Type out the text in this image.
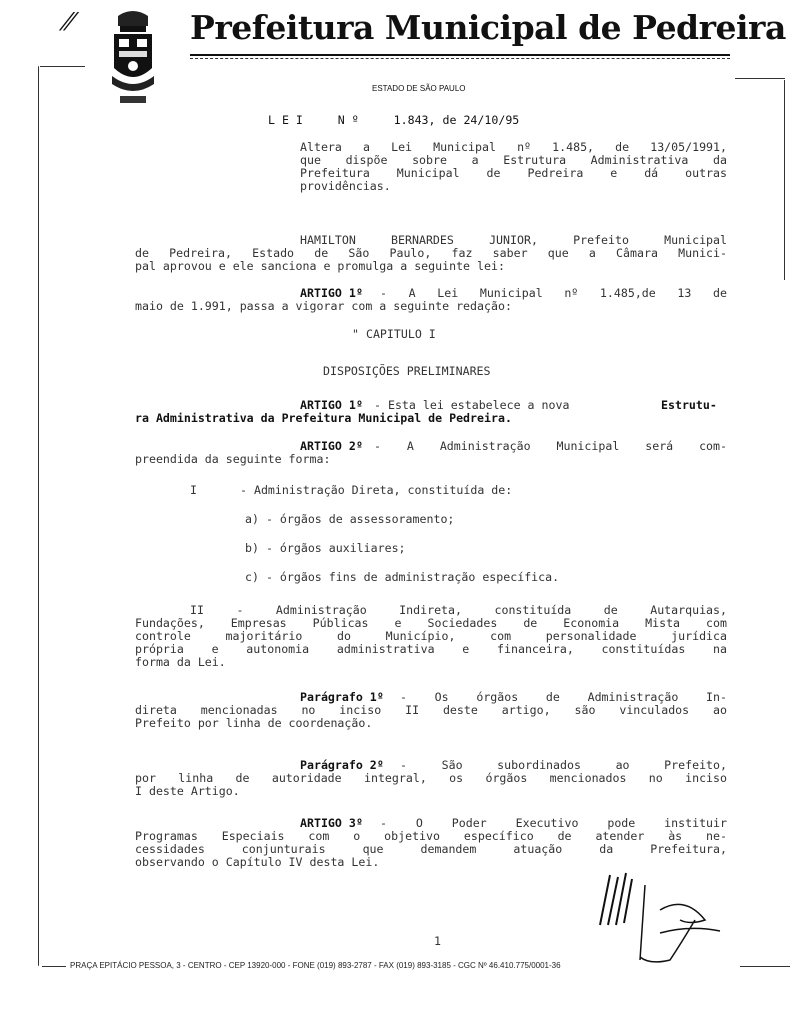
⁄⁄	Prefeitura Municipal de Pedreira
ESTADO DE SÃO PAULO
L E I     N º     1.843, de 24/10/95
Altera a Lei Municipal nº 1.485, de 13/05/1991,
que dispõe sobre a Estrutura Administrativa da
Prefeitura Municipal de Pedreira e dá outras
providências.
HAMILTON BERNARDES JUNIOR, Prefeito Municipal
de Pedreira, Estado de São Paulo, faz saber que a Câmara Munici-
pal aprovou e ele sanciona e promulga a seguinte lei:
ARTIGO 1º - A Lei Municipal nº 1.485,de 13 de
maio de 1.991, passa a vigorar com a seguinte redação:
" CAPITULO I
DISPOSIÇÕES PRELIMINARES
ARTIGO 1º - Esta lei estabelece a nova	Estrutu-
ra Administrativa da Prefeitura Municipal de Pedreira.
ARTIGO 2º - A Administração Municipal será com-
preendida da seguinte forma:
I	- Administração Direta, constituída de:
a) - órgãos de assessoramento;
b) - órgãos auxiliares;
c) - órgãos fins de administração específica.
II - Administração Indireta, constituída de Autarquias,
Fundações, Empresas Públicas e Sociedades de Economia Mista com
controle majoritário do Município, com personalidade jurídica
própria e autonomia administrativa e financeira, constituídas na
forma da Lei.
Parágrafo 1º - Os órgãos de Administração In-
direta mencionadas no inciso II deste artigo, são vinculados ao
Prefeito por linha de coordenação.
Parágrafo 2º - São subordinados ao Prefeito,
por linha de autoridade integral, os órgãos mencionados no inciso
I deste Artigo.
ARTIGO 3º - O Poder Executivo pode instituir
Programas Especiais com o objetivo específico de atender às ne-
cessidades conjunturais que demandem atuação da Prefeitura,
observando o Capítulo IV desta Lei.
1
PRAÇA EPITÁCIO PESSOA, 3 - CENTRO - CEP 13920-000 - FONE (019) 893-2787 - FAX (019) 893-3185 - CGC Nº 46.410.775/0001-36
